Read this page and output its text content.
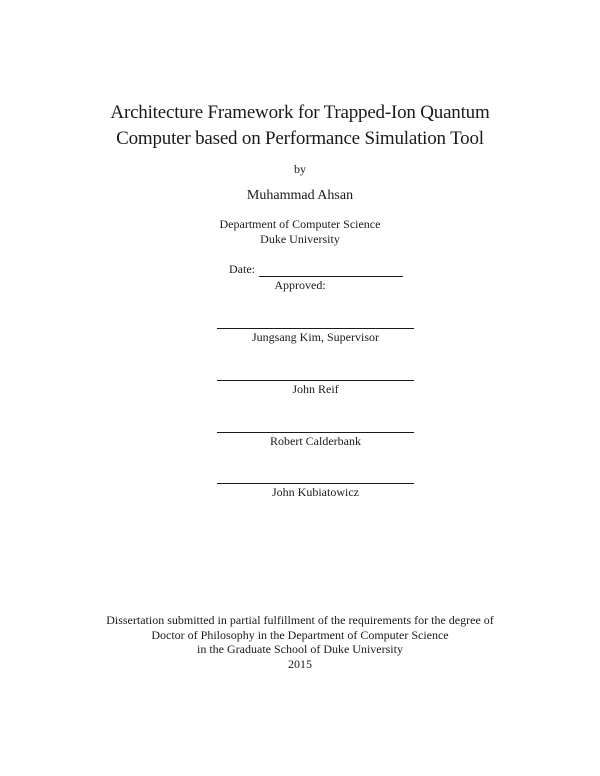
Architecture Framework for Trapped-Ion Quantum
Computer based on Performance Simulation Tool
by
Muhammad Ahsan
Department of Computer Science
Duke University
Date:
Approved:
Jungsang Kim, Supervisor
John Reif
Robert Calderbank
John Kubiatowicz
Dissertation submitted in partial fulfillment of the requirements for the degree of
Doctor of Philosophy in the Department of Computer Science
in the Graduate School of Duke University
2015
